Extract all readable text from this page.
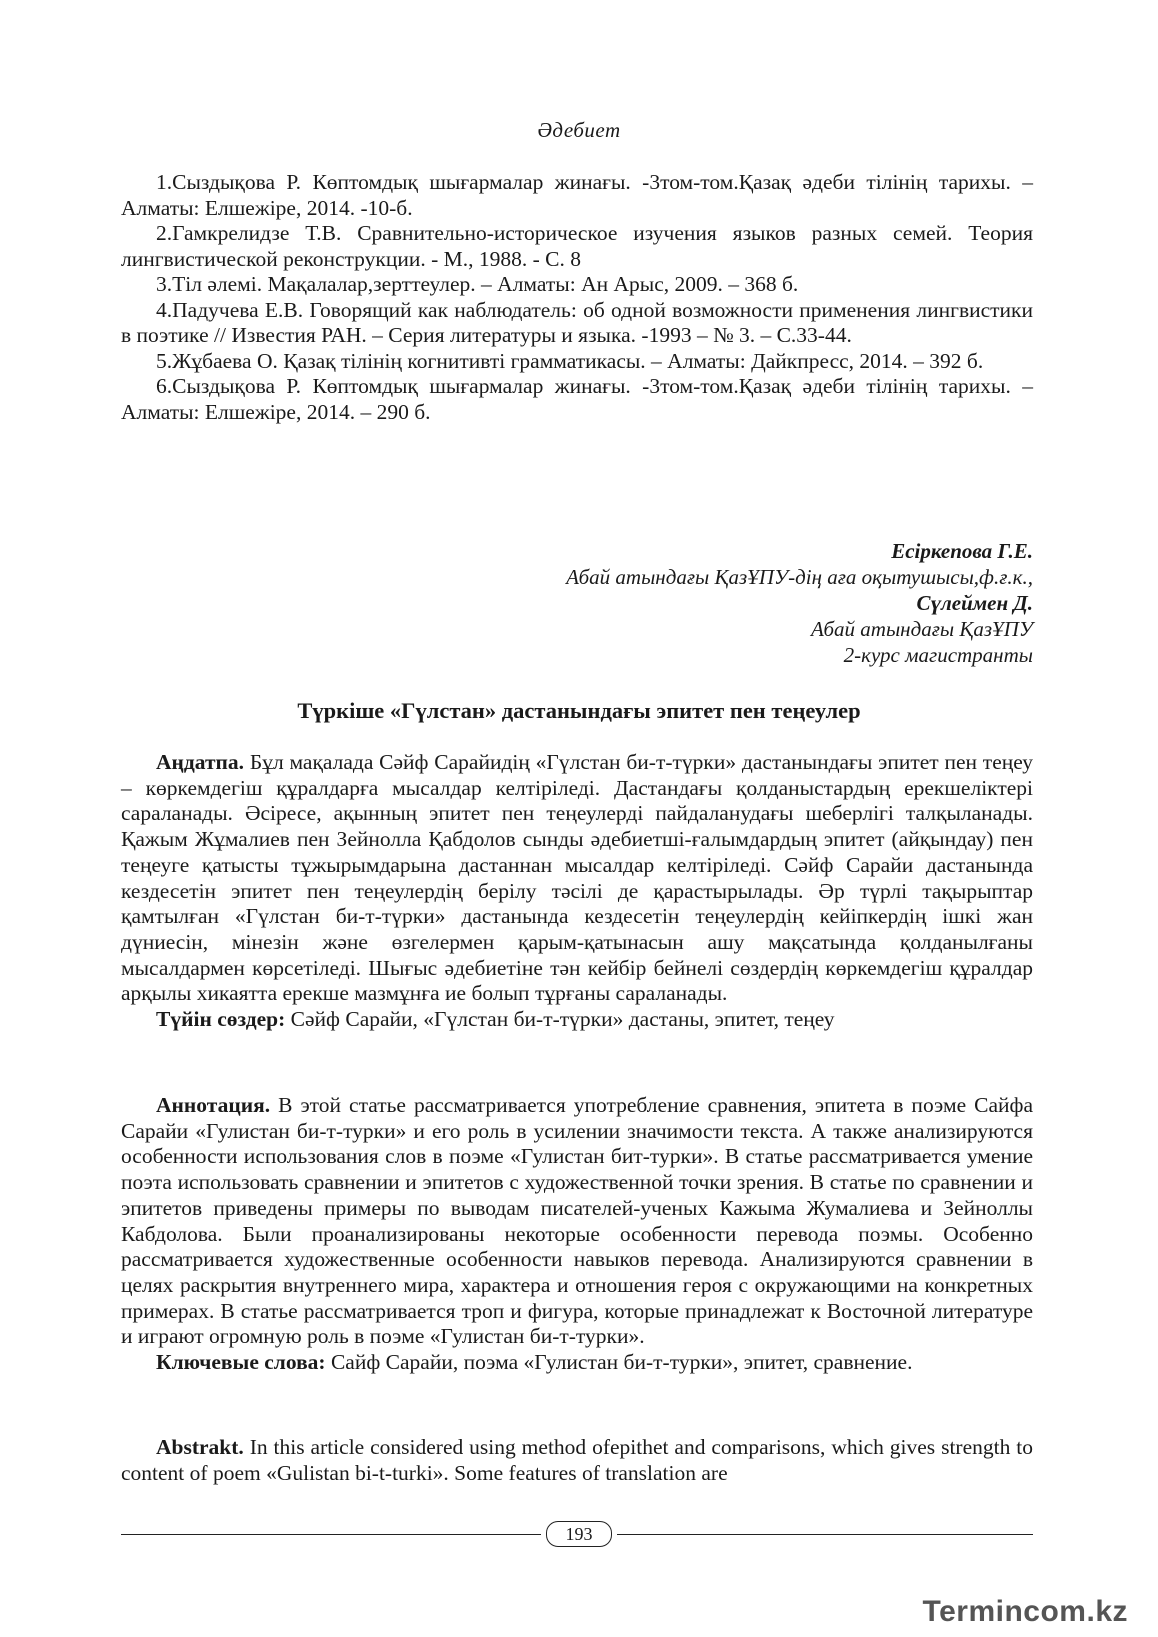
Әдебиет

1.Сыздықова Р. Көптомдық шығармалар жинағы. -3том-том.Қазақ әдеби тілінің тарихы. – Алматы: Елшежіре, 2014. -10-б.

2.Гамкрелидзе Т.В. Сравнительно-историческое изучения языков разных семей. Теория лингвистической реконструкции. - М., 1988. - С. 8

3.Тіл әлемі. Мақалалар,зерттеулер. – Алматы: Ан Арыс, 2009. – 368 б.

4.Падучева Е.В. Говорящий как наблюдатель: об одной возможности применения лингвистики в поэтике // Известия РАН. – Серия литературы и языка. -1993 – № 3. – С.33-44.

5.Жұбаева О. Қазақ тілінің когнитивті грамматикасы. – Алматы: Дайкпресс, 2014. – 392 б.

6.Сыздықова Р. Көптомдық шығармалар жинағы. -3том-том.Қазақ әдеби тілінің тарихы. – Алматы: Елшежіре, 2014. – 290 б.

Есіркепова Г.Е.
Абай атындағы ҚазҰПУ-дің аға оқытушысы,ф.ғ.к.,
Сүлеймен Д.
Абай атындағы ҚазҰПУ
2-курс магистранты
Түркіше «Гүлстан» дастанындағы эпитет пен теңеулер

Аңдатпа. Бұл мақалада Сәйф Сарайидің «Гүлстан би-т-түрки» дастанындағы эпитет пен теңеу – көркемдегіш құралдарға мысалдар келтіріледі. Дастандағы қолданыстардың ерекшеліктері сараланады. Әсіресе, ақынның эпитет пен теңеулерді пайдаланудағы шеберлігі талқыланады. Қажым Жұмалиев пен Зейнолла Қабдолов сынды әдебиетші-ғалымдардың эпитет (айқындау) пен теңеуге қатысты тұжырымдарына дастаннан мысалдар келтіріледі. Сәйф Сарайи дастанында кездесетін эпитет пен теңеулердің берілу тәсілі де қарастырылады. Әр түрлі тақырыптар қамтылған «Гүлстан би-т-түрки» дастанында кездесетін теңеулердің кейіпкердің ішкі жан дүниесін, мінезін және өзгелермен қарым-қатынасын ашу мақсатында қолданылғаны мысалдармен көрсетіледі. Шығыс әдебиетіне тән кейбір бейнелі сөздердің көркемдегіш құралдар арқылы хикаятта ерекше мазмұнға ие болып тұрғаны сараланады.

Түйін сөздер: Сәйф Сарайи, «Гүлстан би-т-түрки» дастаны, эпитет, теңеу

Аннотация. В этой статье рассматривается употребление сравнения, эпитета в поэме Сайфа Сарайи «Гулистан би-т-турки» и его роль в усилении значимости текста. А также анализируются особенности использования слов в поэме «Гулистан бит-турки». В статье рассматривается умение поэта использовать сравнении и эпитетов с художественной точки зрения. В статье по сравнении и эпитетов приведены примеры по выводам писателей-ученых Кажыма Жумалиева и Зейноллы Кабдолова. Были проанализированы некоторые особенности перевода поэмы. Особенно рассматривается художественные особенности навыков перевода. Анализируются сравнении в целях раскрытия внутреннего мира, характера и отношения героя с окружающими на конкретных примерах. В статье рассматривается троп и фигура, которые принадлежат к Восточной литературе и играют огромную роль в поэме «Гулистан би-т-турки».

Ключевые слова: Сайф Сарайи, поэма «Гулистан би-т-турки», эпитет, сравнение.

Abstrakt. In this article considered using method ofepithet and comparisons, which gives strength to content of poem «Gulistan bi-t-turki». Some features of translation are

193
Termincom.kz
